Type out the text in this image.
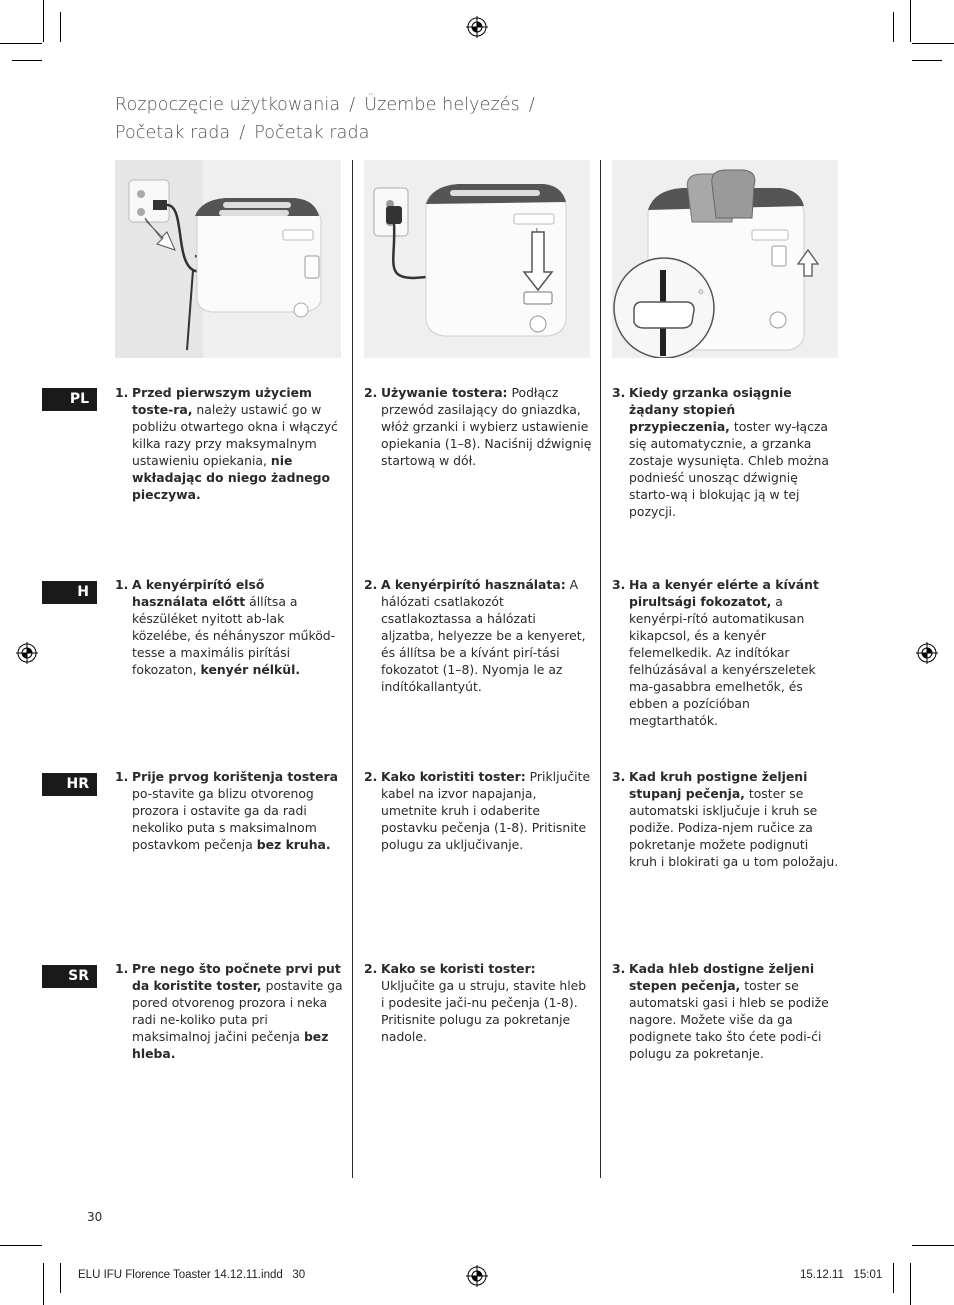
Rozpoczęcie użytkowania / Üzembe helyezés /
Početak rada / Početak rada
⊙
PL	1. Przed pierwszym użyciem toste-ra, należy ustawić go w pobliżu otwartego okna i włączyć kilka razy przy maksymalnym ustawieniu opiekania, nie wkładając do niego żadnego pieczywa.
2. Używanie tostera: Podłącz przewód zasilający do gniazdka, włóż grzanki i wybierz ustawienie opiekania (1–8). Naciśnij dźwignię startową w dół.
3. Kiedy grzanka osiągnie żądany stopień przypieczenia, toster wy-łącza się automatycznie, a grzanka zostaje wysunięta. Chleb można podnieść unosząc dźwignię starto-wą i blokując ją w tej pozycji.
H	1. A kenyérpirító első használata előtt állítsa a készüléket nyitott ab-lak közelébe, és néhányszor működ-tesse a maximális pirítási fokozaton, kenyér nélkül.
2. A kenyérpirító használata: A hálózati csatlakozót csatlakoztassa a hálózati aljzatba, helyezze be a kenyeret, és állítsa be a kívánt pirí-tási fokozatot (1–8). Nyomja le az indítókallantyút.
3. Ha a kenyér elérte a kívánt pirultsági fokozatot, a kenyérpi-rító automatikusan kikapcsol, és a kenyér felemelkedik. Az indítókar felhúzásával a kenyérszeletek ma-gasabbra emelhetők, és ebben a pozícióban megtarthatók.
HR	1. Prije prvog korištenja tostera po-stavite ga blizu otvorenog prozora i ostavite ga da radi nekoliko puta s maksimalnom postavkom pečenja bez kruha.
2. Kako koristiti toster: Priključite kabel na izvor napajanja, umetnite kruh i odaberite postavku pečenja (1-8). Pritisnite polugu za uključivanje.
3. Kad kruh postigne željeni stupanj pečenja, toster se automatski isključuje i kruh se podiže. Podiza-njem ručice za pokretanje možete podignuti kruh i blokirati ga u tom položaju.
SR	1. Pre nego što počnete prvi put da koristite toster, postavite ga pored otvorenog prozora i neka radi ne-koliko puta pri maksimalnoj jačini pečenja bez hleba.
2. Kako se koristi toster: Uključite ga u struju, stavite hleb i podesite jači-nu pečenja (1-8). Pritisnite polugu za pokretanje nadole.
3. Kada hleb dostigne željeni stepen pečenja, toster se automatski gasi i hleb se podiže nagore. Možete više da ga podignete tako što ćete podi-ći polugu za pokretanje.
30
ELU IFU Florence Toaster 14.12.11.indd   30	15.12.11   15:01
